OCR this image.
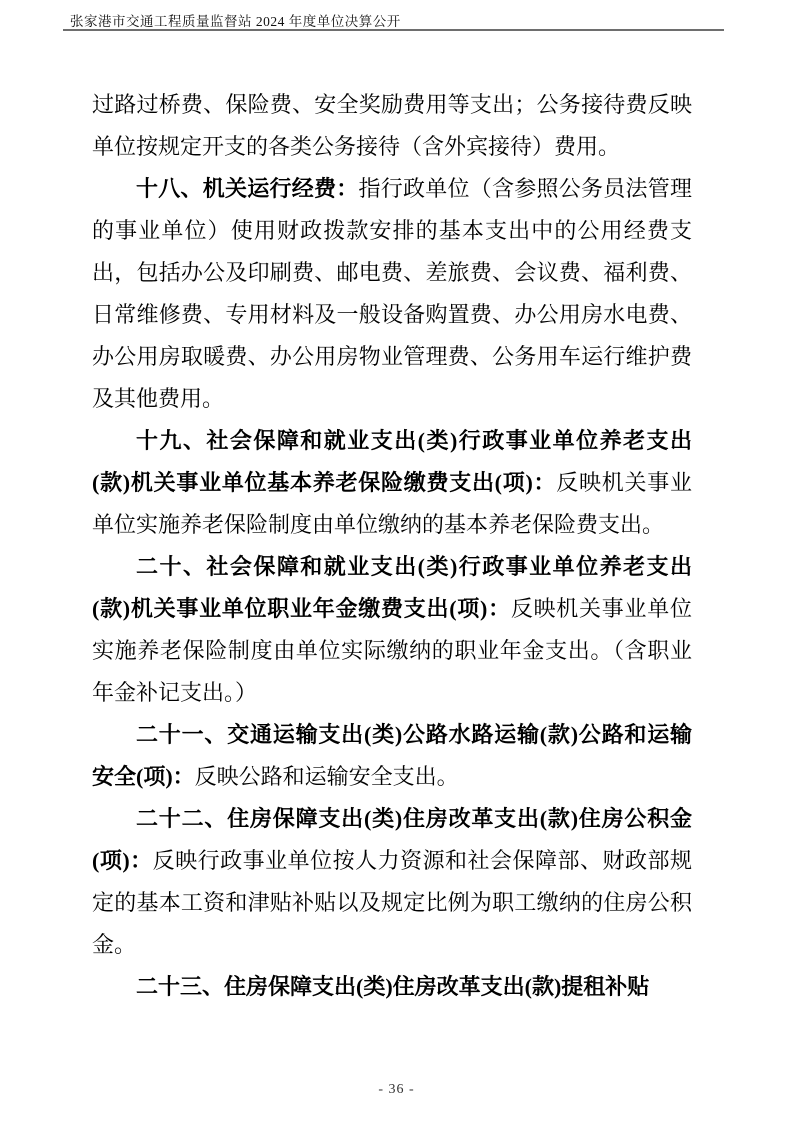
张家港市交通工程质量监督站 2024 年度单位决算公开

过路过桥费、保险费、安全奖励费用等支出；公务接待费反映单位按规定开支的各类公务接待（含外宾接待）费用。

十八、机关运行经费：指行政单位（含参照公务员法管理的事业单位）使用财政拨款安排的基本支出中的公用经费支出，包括办公及印刷费、邮电费、差旅费、会议费、福利费、日常维修费、专用材料及一般设备购置费、办公用房水电费、办公用房取暖费、办公用房物业管理费、公务用车运行维护费及其他费用。

十九、社会保障和就业支出(类)行政事业单位养老支出(款)机关事业单位基本养老保险缴费支出(项)：反映机关事业单位实施养老保险制度由单位缴纳的基本养老保险费支出。

二十、社会保障和就业支出(类)行政事业单位养老支出(款)机关事业单位职业年金缴费支出(项)：反映机关事业单位实施养老保险制度由单位实际缴纳的职业年金支出。（含职业年金补记支出。）

二十一、交通运输支出(类)公路水路运输(款)公路和运输安全(项)：反映公路和运输安全支出。

二十二、住房保障支出(类)住房改革支出(款)住房公积金(项)：反映行政事业单位按人力资源和社会保障部、财政部规定的基本工资和津贴补贴以及规定比例为职工缴纳的住房公积金。

二十三、住房保障支出(类)住房改革支出(款)提租补贴

- 36 -
